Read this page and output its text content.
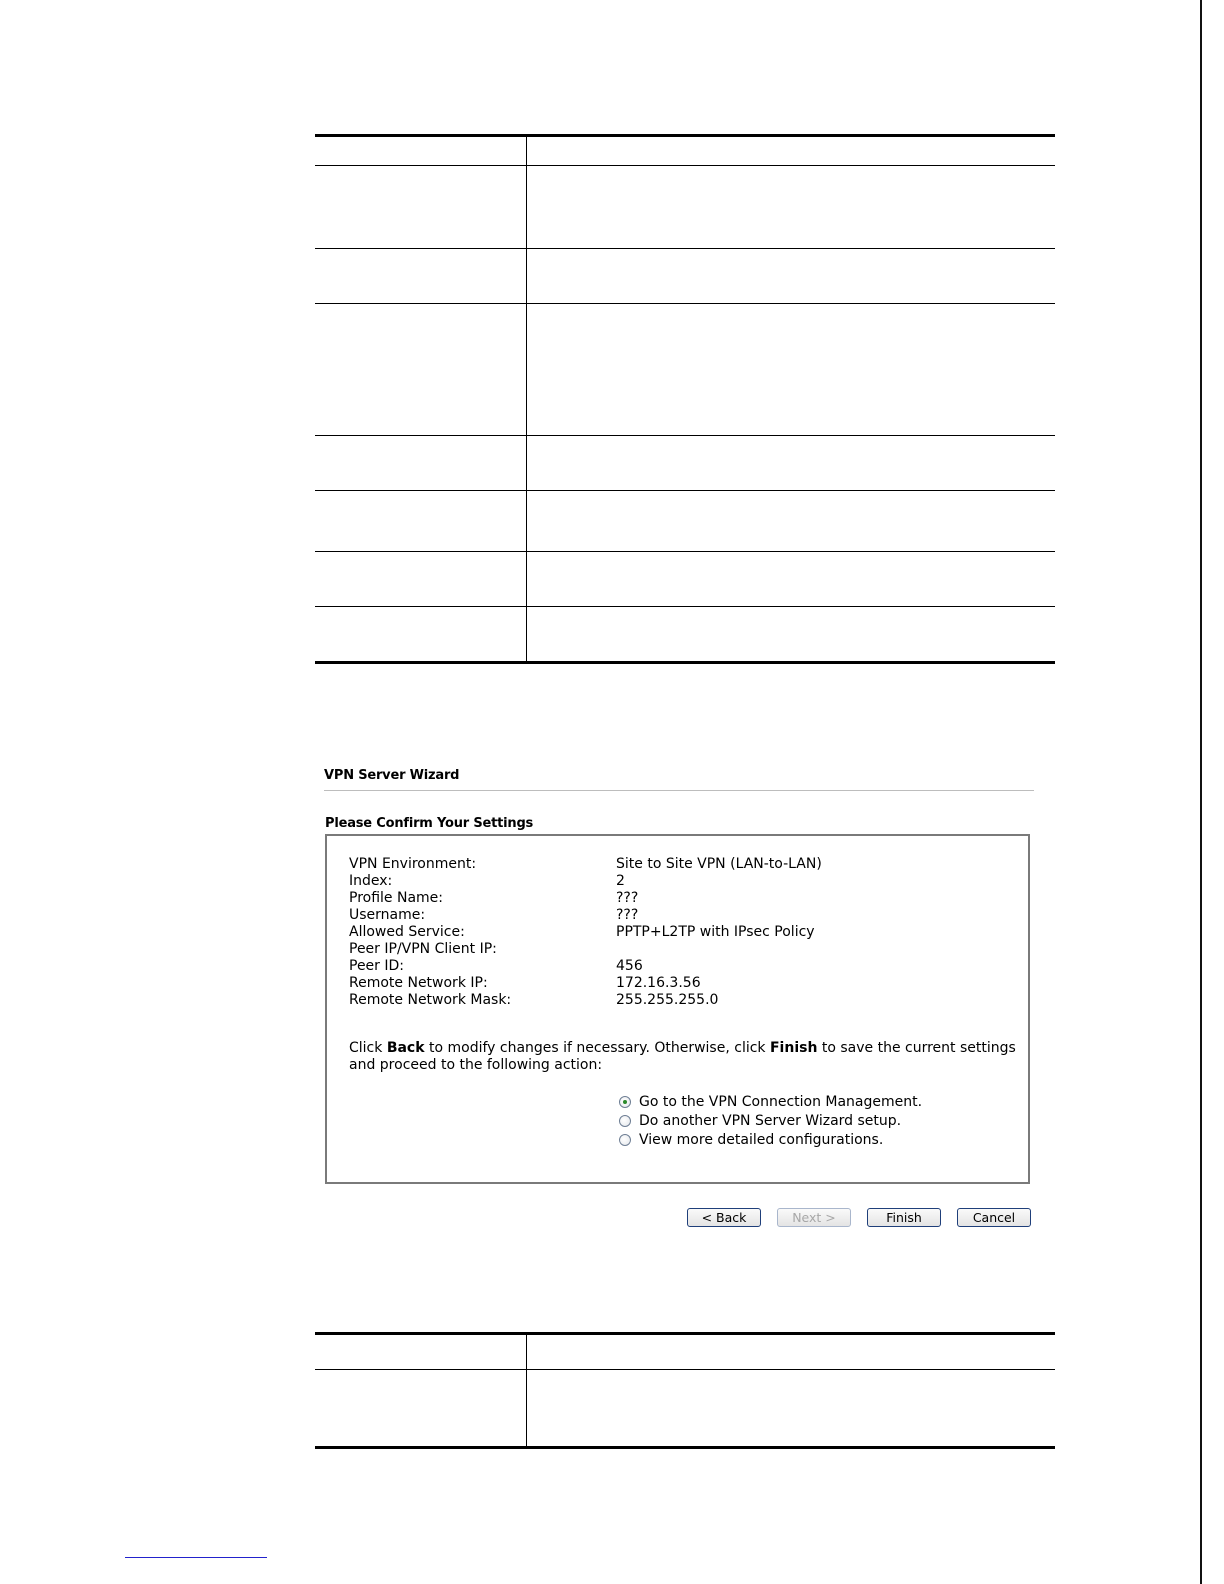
VPN Server Wizard
Please Confirm Your Settings
VPN Environment:	Site to Site VPN (LAN-to-LAN)
Index:	2
Profile Name:	???
Username:	???
Allowed Service:	PPTP+L2TP with IPsec Policy
Peer IP/VPN Client IP:
Peer ID:	456
Remote Network IP:	172.16.3.56
Remote Network Mask:	255.255.255.0
Click Back to modify changes if necessary. Otherwise, click Finish to save the current settings and proceed to the following action:
Go to the VPN Connection Management.
Do another VPN Server Wizard setup.
View more detailed configurations.
< Back	Next >	Finish	Cancel
